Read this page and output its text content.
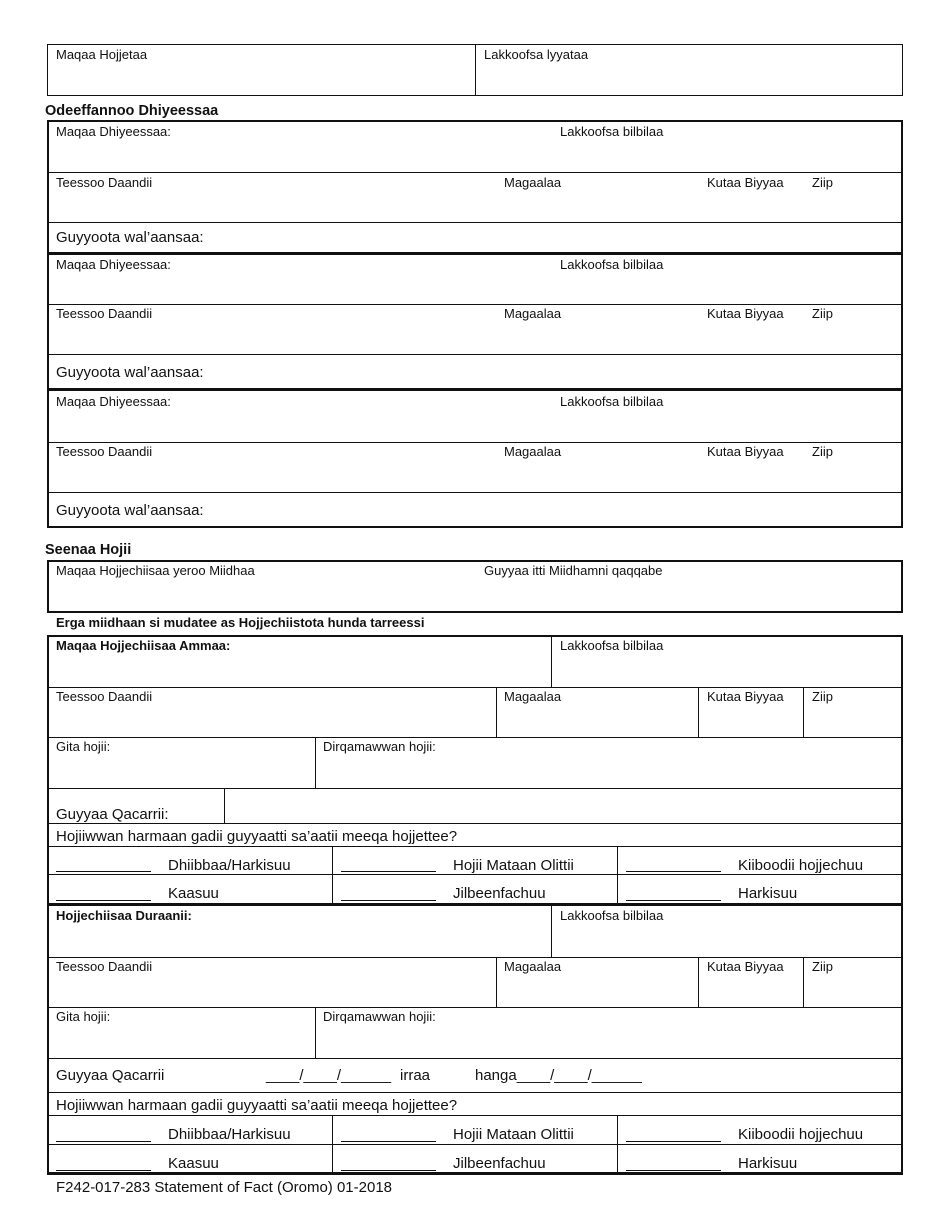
Maqaa Hojjetaa	Lakkoofsa lyyataa
Odeeffannoo Dhiyeessaa
Maqaa Dhiyeessaa:	Lakkoofsa bilbilaa
Teessoo Daandii	Magaalaa	Kutaa Biyyaa Ziip
Guyyoota wal’aansaa:
Maqaa Dhiyeessaa:	Lakkoofsa bilbilaa
Teessoo Daandii	Magaalaa	Kutaa Biyyaa Ziip
Guyyoota wal’aansaa:
Maqaa Dhiyeessaa:	Lakkoofsa bilbilaa
Teessoo Daandii	Magaalaa	Kutaa Biyyaa Ziip
Guyyoota wal’aansaa:
Seenaa Hojii
Maqaa Hojjechiisaa yeroo Miidhaa	Guyyaa itti Miidhamni qaqqabe
Erga miidhaan si mudatee as Hojjechiistota hunda tarreessi
Maqaa Hojjechiisaa Ammaa:	Lakkoofsa bilbilaa
Teessoo Daandii	Magaalaa	Kutaa Biyyaa Ziip
Gita hojii:	Dirqamawwan hojii:
Guyyaa Qacarrii:
Hojiiwwan harmaan gadii guyyaatti sa’aatii meeqa hojjettee?
Dhiibbaa/Harkisuu	Hojii Mataan Olittii	Kiiboodii hojjechuu
Kaasuu	Jilbeenfachuu	Harkisuu
Hojjechiisaa Duraanii:	Lakkoofsa bilbilaa
Teessoo Daandii	Magaalaa	Kutaa Biyyaa Ziip
Gita hojii:	Dirqamawwan hojii:
Guyyaa Qacarrii	____/____/______ irraa	hanga____/____/______
Hojiiwwan harmaan gadii guyyaatti sa’aatii meeqa hojjettee?
Dhiibbaa/Harkisuu	Hojii Mataan Olittii	Kiiboodii hojjechuu
Kaasuu	Jilbeenfachuu	Harkisuu
F242-017-283 Statement of Fact (Oromo) 01-2018
